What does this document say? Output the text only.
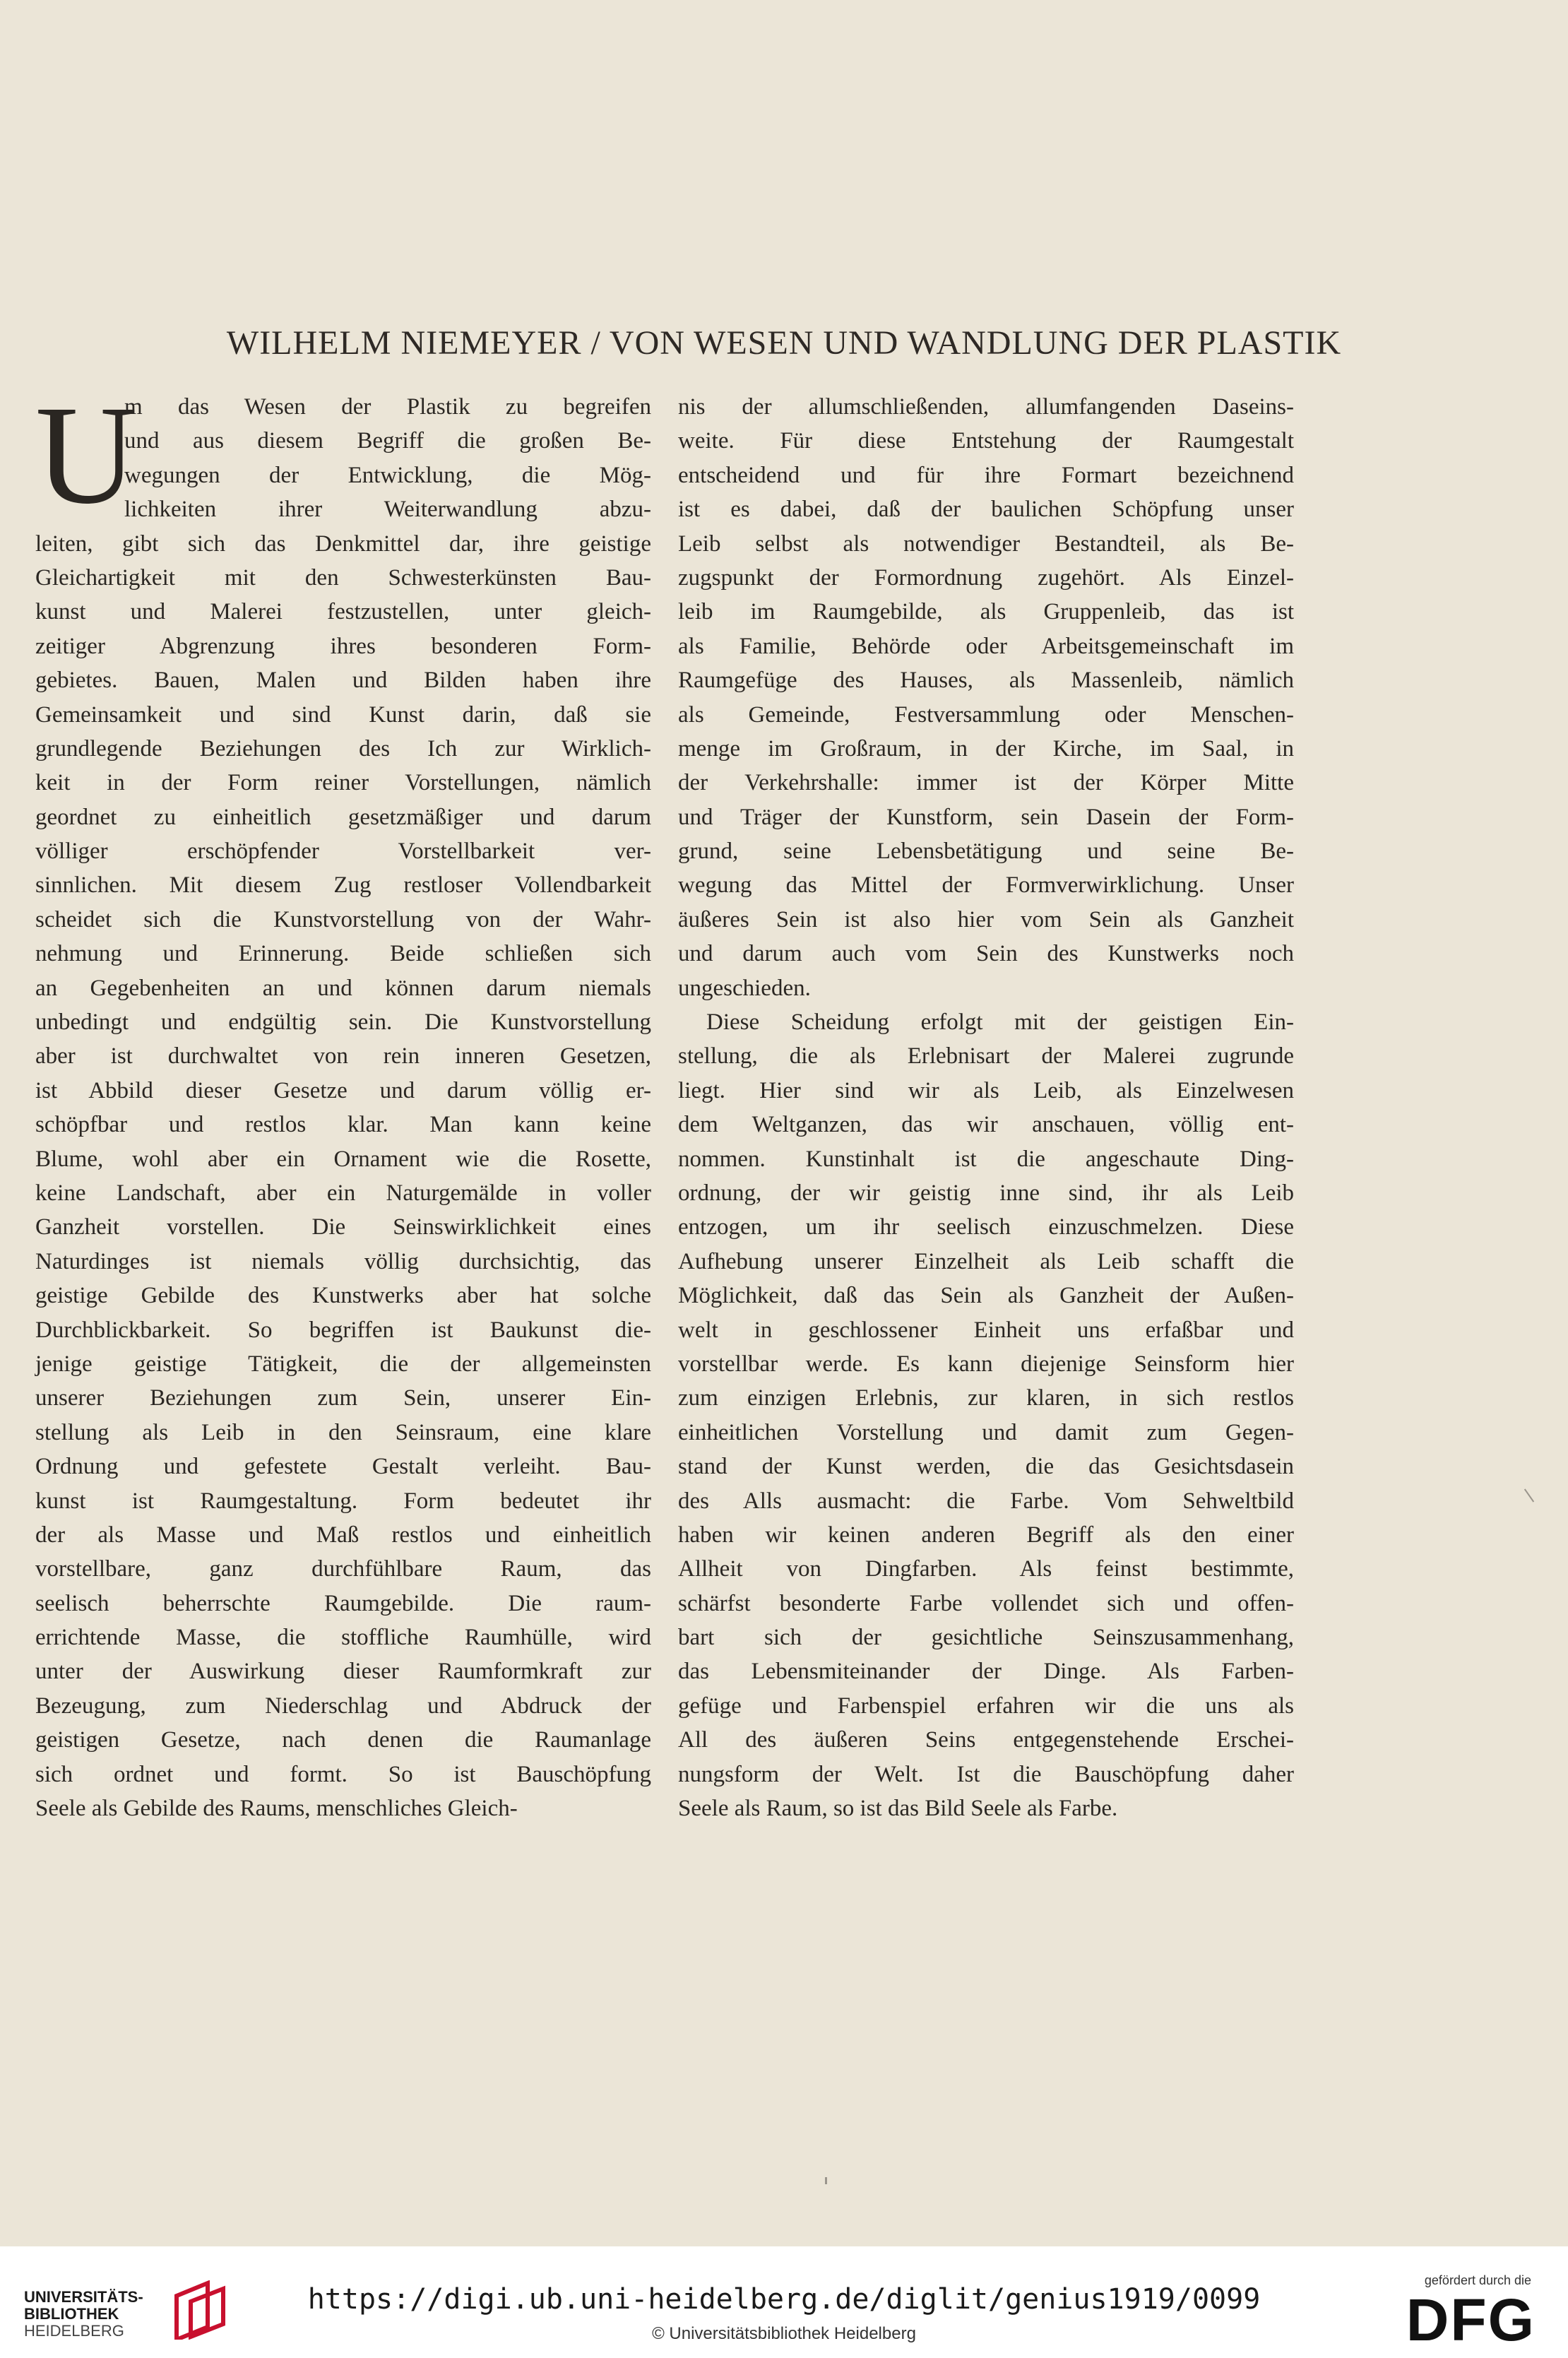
WILHELM NIEMEYER / VON WESEN UND WANDLUNG DER PLASTIK
U
m das Wesen der Plastik zu begreifen
und aus diesem Begriff die großen Be-
wegungen der Entwicklung, die Mög-
lichkeiten ihrer Weiterwandlung abzu-
leiten, gibt sich das Denkmittel dar, ihre geistige
Gleichartigkeit mit den Schwesterkünsten Bau-
kunst und Malerei festzustellen, unter gleich-
zeitiger Abgrenzung ihres besonderen Form-
gebietes. Bauen, Malen und Bilden haben ihre
Gemeinsamkeit und sind Kunst darin, daß sie
grundlegende Beziehungen des Ich zur Wirklich-
keit in der Form reiner Vorstellungen, nämlich
geordnet zu einheitlich gesetzmäßiger und darum
völliger erschöpfender Vorstellbarkeit ver-
sinnlichen. Mit diesem Zug restloser Vollendbarkeit
scheidet sich die Kunstvorstellung von der Wahr-
nehmung und Erinnerung. Beide schließen sich
an Gegebenheiten an und können darum niemals
unbedingt und endgültig sein. Die Kunstvorstellung
aber ist durchwaltet von rein inneren Gesetzen,
ist Abbild dieser Gesetze und darum völlig er-
schöpfbar und restlos klar. Man kann keine
Blume, wohl aber ein Ornament wie die Rosette,
keine Landschaft, aber ein Naturgemälde in voller
Ganzheit vorstellen. Die Seinswirklichkeit eines
Naturdinges ist niemals völlig durchsichtig, das
geistige Gebilde des Kunstwerks aber hat solche
Durchblickbarkeit. So begriffen ist Baukunst die-
jenige geistige Tätigkeit, die der allgemeinsten
unserer Beziehungen zum Sein, unserer Ein-
stellung als Leib in den Seinsraum, eine klare
Ordnung und gefestete Gestalt verleiht. Bau-
kunst ist Raumgestaltung. Form bedeutet ihr
der als Masse und Maß restlos und einheitlich
vorstellbare, ganz durchfühlbare Raum, das
seelisch beherrschte Raumgebilde. Die raum-
errichtende Masse, die stoffliche Raumhülle, wird
unter der Auswirkung dieser Raumformkraft zur
Bezeugung, zum Niederschlag und Abdruck der
geistigen Gesetze, nach denen die Raumanlage
sich ordnet und formt. So ist Bauschöpfung
Seele als Gebilde des Raums, menschliches Gleich-
nis der allumschließenden, allumfangenden Daseins-
weite. Für diese Entstehung der Raumgestalt
entscheidend und für ihre Formart bezeichnend
ist es dabei, daß der baulichen Schöpfung unser
Leib selbst als notwendiger Bestandteil, als Be-
zugspunkt der Formordnung zugehört. Als Einzel-
leib im Raumgebilde, als Gruppenleib, das ist
als Familie, Behörde oder Arbeitsgemeinschaft im
Raumgefüge des Hauses, als Massenleib, nämlich
als Gemeinde, Festversammlung oder Menschen-
menge im Großraum, in der Kirche, im Saal, in
der Verkehrshalle: immer ist der Körper Mitte
und Träger der Kunstform, sein Dasein der Form-
grund, seine Lebensbetätigung und seine Be-
wegung das Mittel der Formverwirklichung. Unser
äußeres Sein ist also hier vom Sein als Ganzheit
und darum auch vom Sein des Kunstwerks noch
ungeschieden.
Diese Scheidung erfolgt mit der geistigen Ein-
stellung, die als Erlebnisart der Malerei zugrunde
liegt. Hier sind wir als Leib, als Einzelwesen
dem Weltganzen, das wir anschauen, völlig ent-
nommen. Kunstinhalt ist die angeschaute Ding-
ordnung, der wir geistig inne sind, ihr als Leib
entzogen, um ihr seelisch einzuschmelzen. Diese
Aufhebung unserer Einzelheit als Leib schafft die
Möglichkeit, daß das Sein als Ganzheit der Außen-
welt in geschlossener Einheit uns erfaßbar und
vorstellbar werde. Es kann diejenige Seinsform hier
zum einzigen Erlebnis, zur klaren, in sich restlos
einheitlichen Vorstellung und damit zum Gegen-
stand der Kunst werden, die das Gesichtsdasein
des Alls ausmacht: die Farbe. Vom Sehweltbild
haben wir keinen anderen Begriff als den einer
Allheit von Dingfarben. Als feinst bestimmte,
schärfst besonderte Farbe vollendet sich und offen-
bart sich der gesichtliche Seinszusammenhang,
das Lebensmiteinander der Dinge. Als Farben-
gefüge und Farbenspiel erfahren wir die uns als
All des äußeren Seins entgegenstehende Erschei-
nungsform der Welt. Ist die Bauschöpfung daher
Seele als Raum, so ist das Bild Seele als Farbe.
UNIVERSITÄTS-
BIBLIOTHEK
HEIDELBERG
https://digi.ub.uni-heidelberg.de/diglit/genius1919/0099
© Universitätsbibliothek Heidelberg
gefördert durch die
DFG
